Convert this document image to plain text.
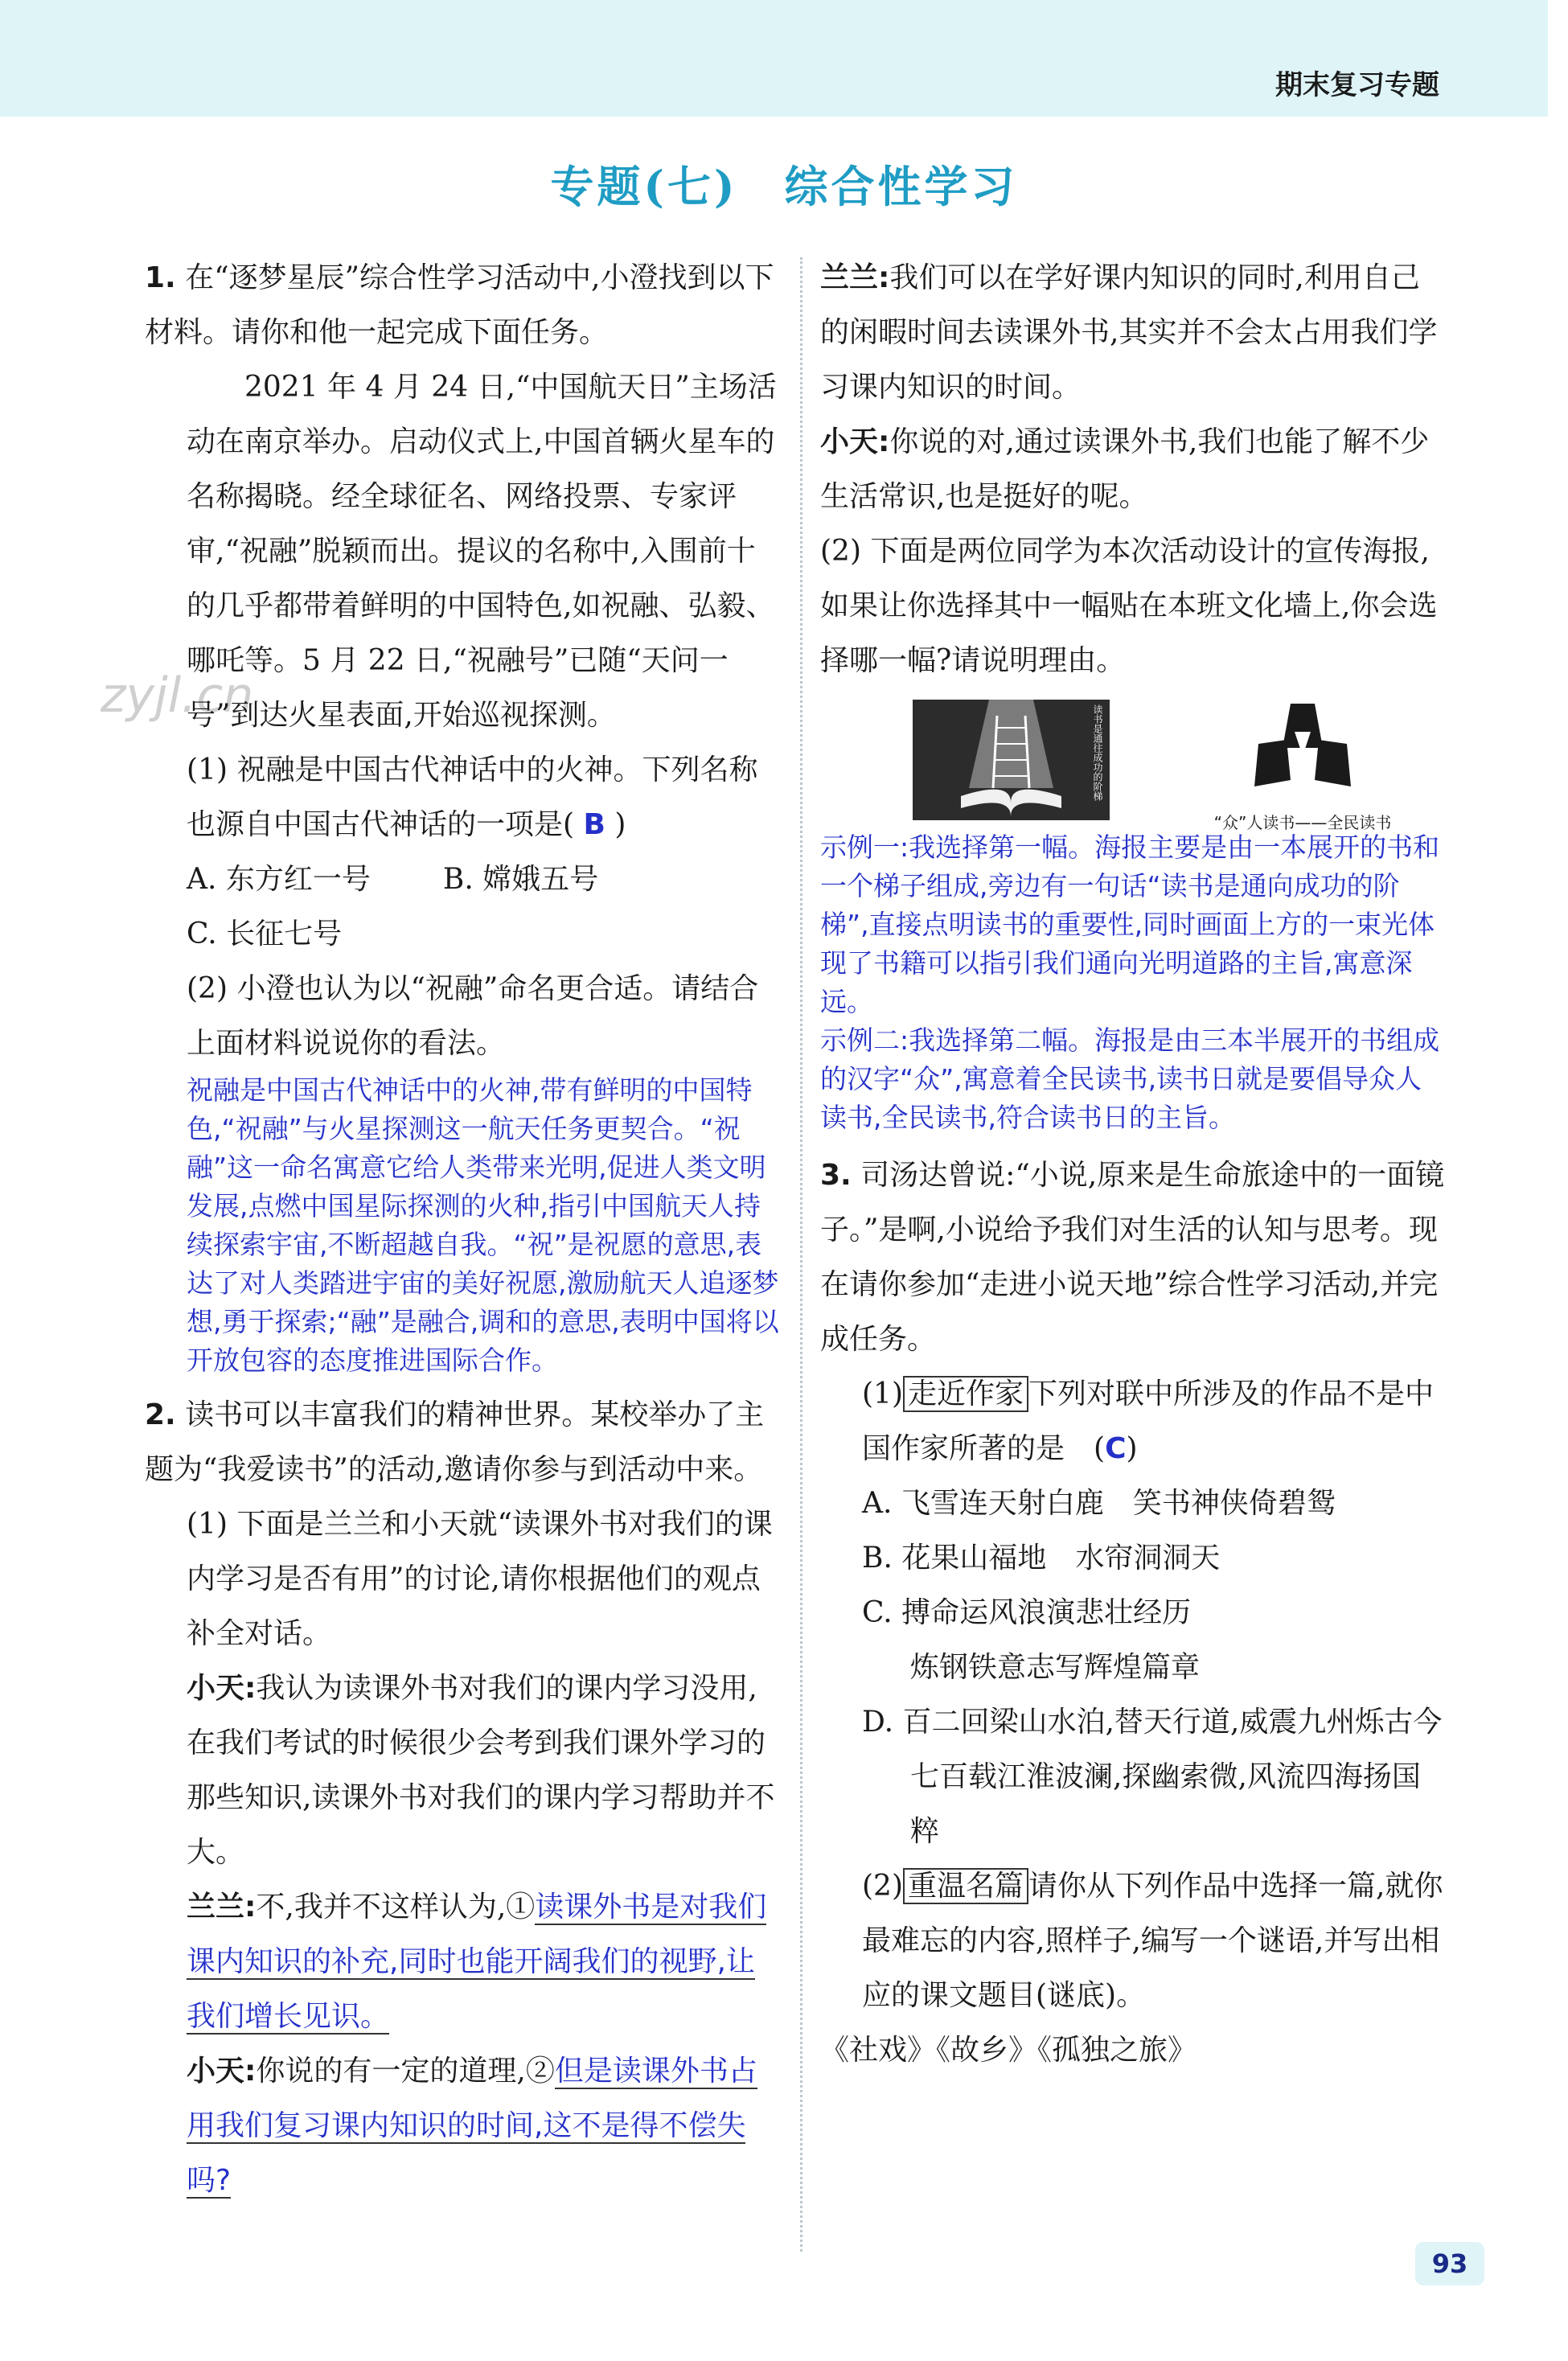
期末复习专题
专题(七)　综合性学习
zyjl.cn
1. 在“逐梦星辰”综合性学习活动中,小澄找到以下材料。请你和他一起完成下面任务。
2021 年 4 月 24 日,“中国航天日”主场活动在南京举办。启动仪式上,中国首辆火星车的名称揭晓。经全球征名、网络投票、专家评审,“祝融”脱颖而出。提议的名称中,入围前十的几乎都带着鲜明的中国特色,如祝融、弘毅、哪吒等。5 月 22 日,“祝融号”已随“天问一号”到达火星表面,开始巡视探测。
(1) 祝融是中国古代神话中的火神。下列名称也源自中国古代神话的一项是( B )
A. 东方红一号	B. 嫦娥五号
C. 长征七号
(2) 小澄也认为以“祝融”命名更合适。请结合上面材料说说你的看法。
祝融是中国古代神话中的火神,带有鲜明的中国特色,“祝融”与火星探测这一航天任务更契合。“祝融”这一命名寓意它给人类带来光明,促进人类文明发展,点燃中国星际探测的火种,指引中国航天人持续探索宇宙,不断超越自我。“祝”是祝愿的意思,表达了对人类踏进宇宙的美好祝愿,激励航天人追逐梦想,勇于探索;“融”是融合,调和的意思,表明中国将以开放包容的态度推进国际合作。
2. 读书可以丰富我们的精神世界。某校举办了主题为“我爱读书”的活动,邀请你参与到活动中来。
(1) 下面是兰兰和小天就“读课外书对我们的课内学习是否有用”的讨论,请你根据他们的观点补全对话。
小天:我认为读课外书对我们的课内学习没用,在我们考试的时候很少会考到我们课外学习的那些知识,读课外书对我们的课内学习帮助并不大。
兰兰:不,我并不这样认为,①读课外书是对我们课内知识的补充,同时也能开阔我们的视野,让我们增长见识。
小天:你说的有一定的道理,②但是读课外书占用我们复习课内知识的时间,这不是得不偿失吗?
兰兰:我们可以在学好课内知识的同时,利用自己的闲暇时间去读课外书,其实并不会太占用我们学习课内知识的时间。
小天:你说的对,通过读课外书,我们也能了解不少生活常识,也是挺好的呢。
(2) 下面是两位同学为本次活动设计的宣传海报,如果让你选择其中一幅贴在本班文化墙上,你会选择哪一幅?请说明理由。
读书是通往成功的阶梯
“众”人读书——全民读书
示例一:我选择第一幅。海报主要是由一本展开的书和一个梯子组成,旁边有一句话“读书是通向成功的阶梯”,直接点明读书的重要性,同时画面上方的一束光体现了书籍可以指引我们通向光明道路的主旨,寓意深远。
示例二:我选择第二幅。海报是由三本半展开的书组成的汉字“众”,寓意着全民读书,读书日就是要倡导众人读书,全民读书,符合读书日的主旨。
3. 司汤达曾说:“小说,原来是生命旅途中的一面镜子。”是啊,小说给予我们对生活的认知与思考。现在请你参加“走进小说天地”综合性学习活动,并完成任务。
(1) 走近作家 下列对联中所涉及的作品不是中国作家所著的是　(C)
A. 飞雪连天射白鹿　笑书神侠倚碧鸳
B. 花果山福地　水帘洞洞天
C. 搏命运风浪演悲壮经历
炼钢铁意志写辉煌篇章
D. 百二回梁山水泊,替天行道,威震九州烁古今
七百载江淮波澜,探幽索微,风流四海扬国粹
(2) 重温名篇 请你从下列作品中选择一篇,就你最难忘的内容,照样子,编写一个谜语,并写出相应的课文题目(谜底)。
《社戏》《故乡》《孤独之旅》
93
